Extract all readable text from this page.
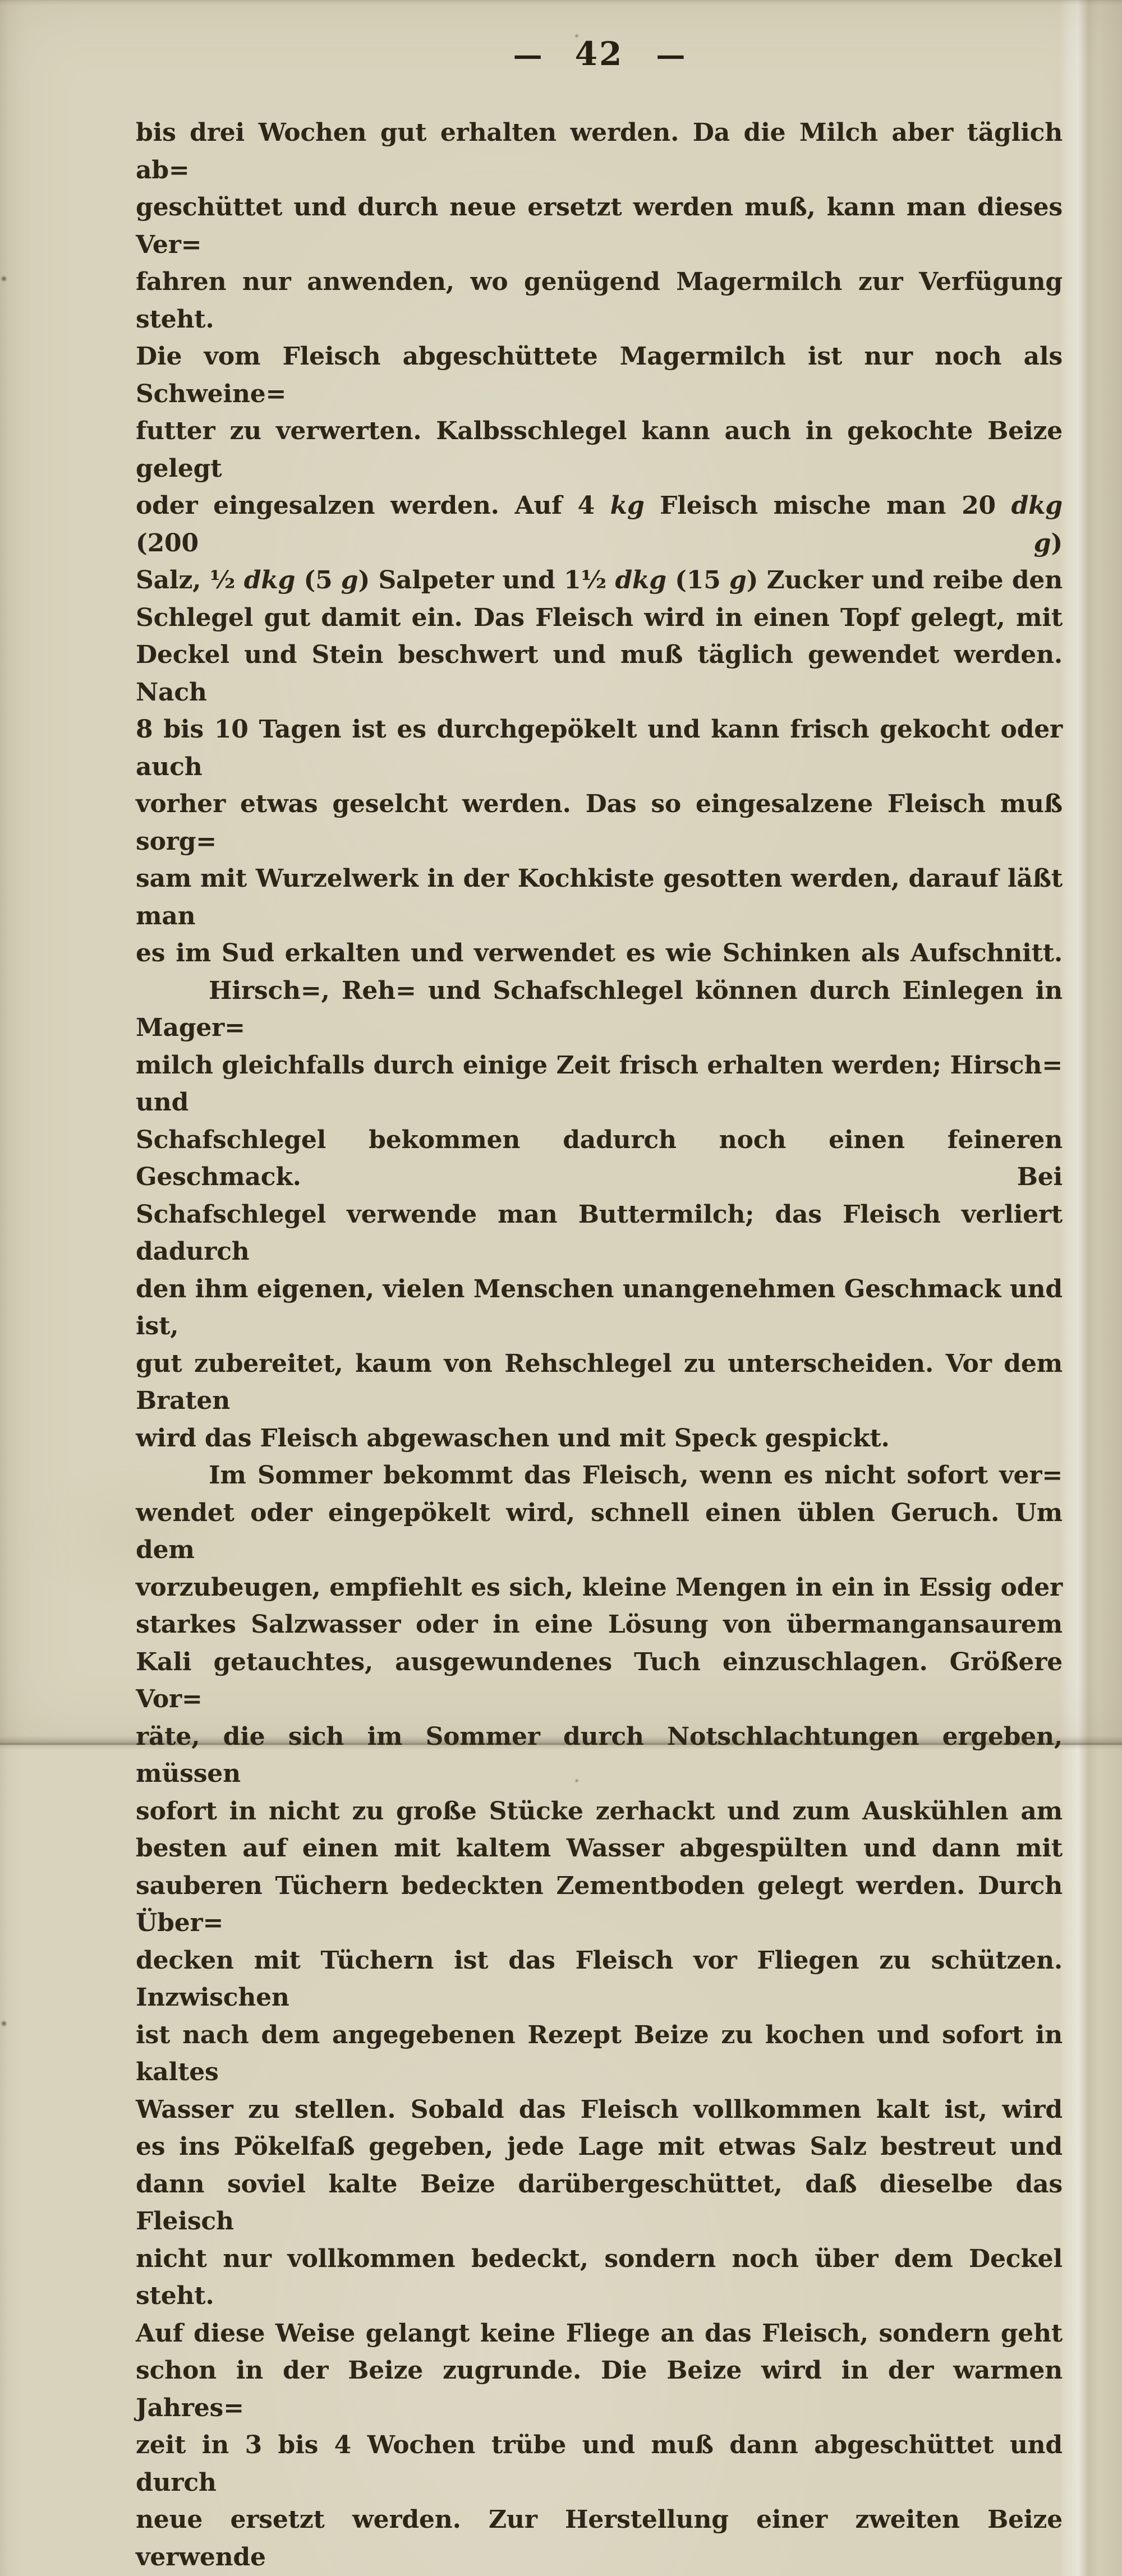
— 42 —
bis drei Wochen gut erhalten werden. Da die Milch aber täglich ab=
geschüttet und durch neue ersetzt werden muß, kann man dieses Ver=
fahren nur anwenden, wo genügend Magermilch zur Verfügung steht.
Die vom Fleisch abgeschüttete Magermilch ist nur noch als Schweine=
futter zu verwerten. Kalbsschlegel kann auch in gekochte Beize gelegt
oder eingesalzen werden. Auf 4 kg Fleisch mische man 20 dkg (200 g)
Salz, ½ dkg (5 g) Salpeter und 1½ dkg (15 g) Zucker und reibe den
Schlegel gut damit ein. Das Fleisch wird in einen Topf gelegt, mit
Deckel und Stein beschwert und muß täglich gewendet werden. Nach
8 bis 10 Tagen ist es durchgepökelt und kann frisch gekocht oder auch
vorher etwas geselcht werden. Das so eingesalzene Fleisch muß sorg=
sam mit Wurzelwerk in der Kochkiste gesotten werden, darauf läßt man
es im Sud erkalten und verwendet es wie Schinken als Aufschnitt.
Hirsch=, Reh= und Schafschlegel können durch Einlegen in Mager=
milch gleichfalls durch einige Zeit frisch erhalten werden; Hirsch= und
Schafschlegel bekommen dadurch noch einen feineren Geschmack. Bei
Schafschlegel verwende man Buttermilch; das Fleisch verliert dadurch
den ihm eigenen, vielen Menschen unangenehmen Geschmack und ist,
gut zubereitet, kaum von Rehschlegel zu unterscheiden. Vor dem Braten
wird das Fleisch abgewaschen und mit Speck gespickt.
Im Sommer bekommt das Fleisch, wenn es nicht sofort ver=
wendet oder eingepökelt wird, schnell einen üblen Geruch. Um dem
vorzubeugen, empfiehlt es sich, kleine Mengen in ein in Essig oder
starkes Salzwasser oder in eine Lösung von übermangansaurem
Kali getauchtes, ausgewundenes Tuch einzuschlagen. Größere Vor=
räte, die sich im Sommer durch Notschlachtungen ergeben, müssen
sofort in nicht zu große Stücke zerhackt und zum Auskühlen am
besten auf einen mit kaltem Wasser abgespülten und dann mit
sauberen Tüchern bedeckten Zementboden gelegt werden. Durch Über=
decken mit Tüchern ist das Fleisch vor Fliegen zu schützen. Inzwischen
ist nach dem angegebenen Rezept Beize zu kochen und sofort in kaltes
Wasser zu stellen. Sobald das Fleisch vollkommen kalt ist, wird
es ins Pökelfaß gegeben, jede Lage mit etwas Salz bestreut und
dann soviel kalte Beize darübergeschüttet, daß dieselbe das Fleisch
nicht nur vollkommen bedeckt, sondern noch über dem Deckel steht.
Auf diese Weise gelangt keine Fliege an das Fleisch, sondern geht
schon in der Beize zugrunde. Die Beize wird in der warmen Jahres=
zeit in 3 bis 4 Wochen trübe und muß dann abgeschüttet und durch
neue ersetzt werden. Zur Herstellung einer zweiten Beize verwende
